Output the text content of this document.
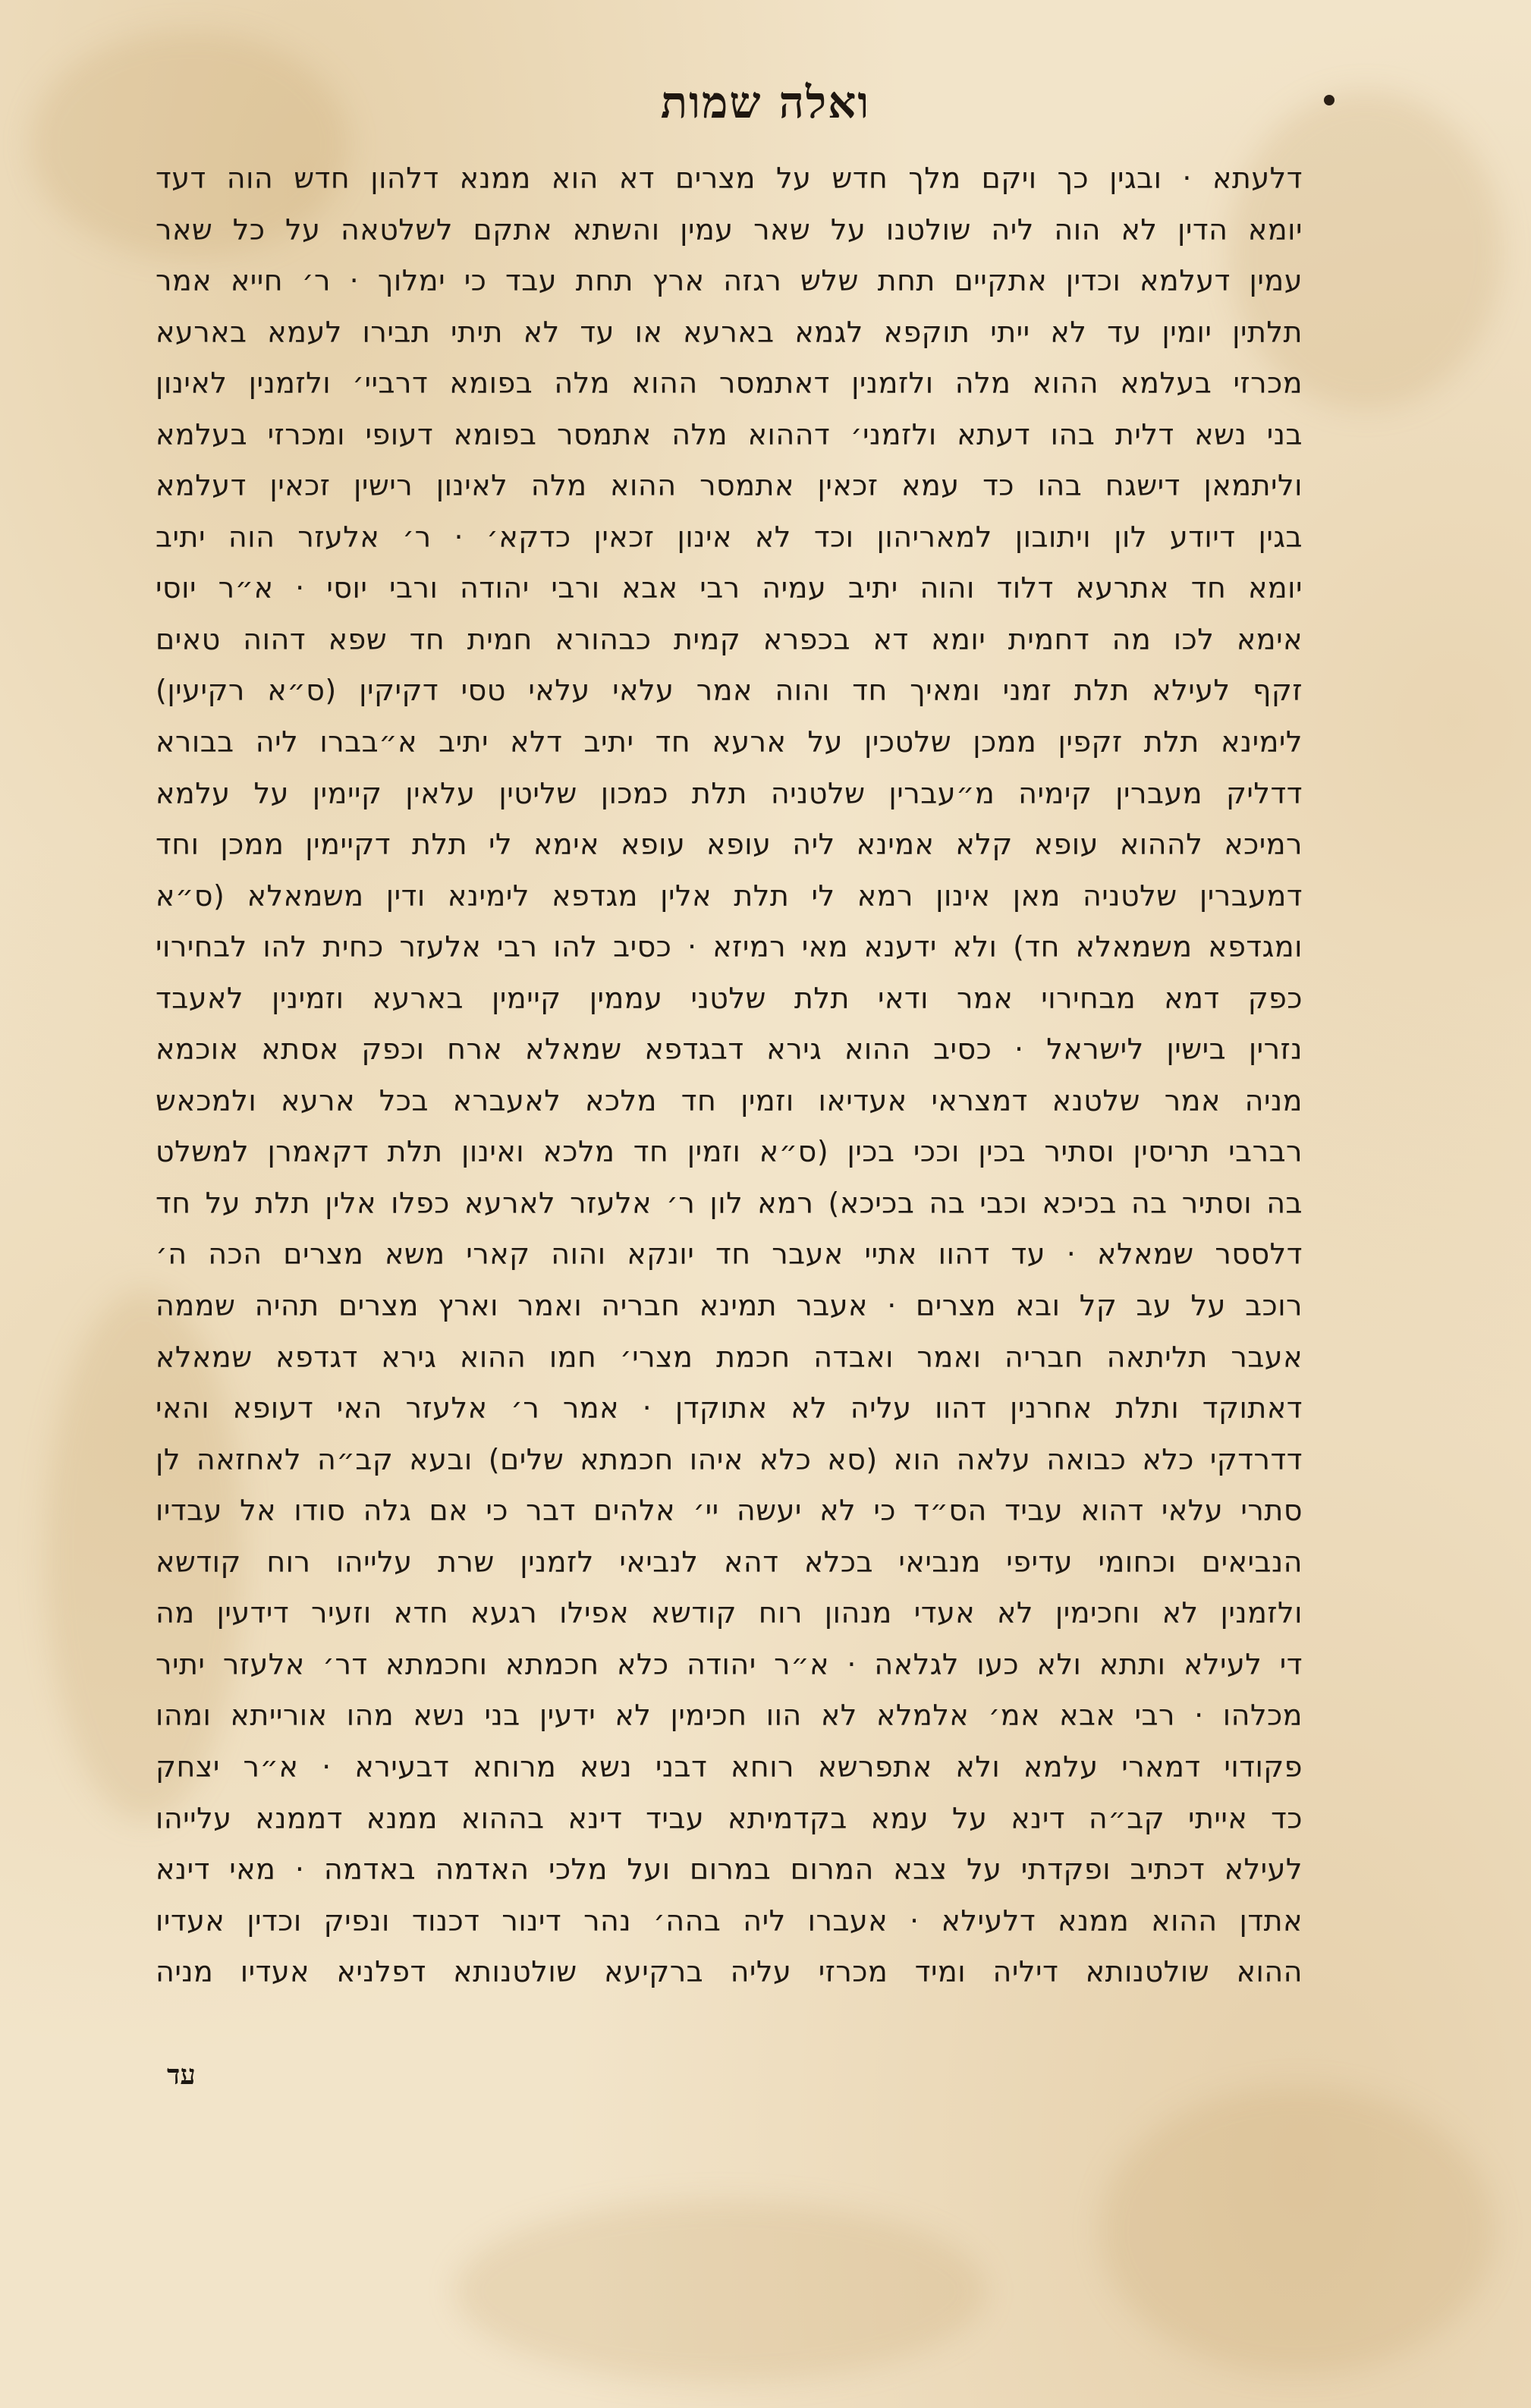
ואלה שמות
דלעתא · ובגין כך ויקם מלך חדש על מצרים דא הוא ממנא דלהון חדש הוה דעד
יומא הדין לא הוה ליה שולטנו על שאר עמין והשתא אתקם לשלטאה על כל שאר
עמין דעלמא וכדין אתקיים תחת שלש רגזה ארץ תחת עבד כי ימלוך · ר׳ חייא אמר
תלתין יומין עד לא ייתי תוקפא לגמא בארעא או עד לא תיתי תבירו לעמא בארעא
מכרזי בעלמא ההוא מלה ולזמנין דאתמסר ההוא מלה בפומא דרביי׳ ולזמנין לאינון
בני נשא דלית בהו דעתא ולזמני׳ דההוא מלה אתמסר בפומא דעופי ומכרזי בעלמא
וליתמאן דישגח בהו כד עמא זכאין אתמסר ההוא מלה לאינון רישין זכאין דעלמא
בגין דיודע לון ויתובון למאריהון וכד לא אינון זכאין כדקא׳ · ר׳ אלעזר הוה יתיב
יומא חד אתרעא דלוד והוה יתיב עמיה רבי אבא ורבי יהודה ורבי יוסי · א״ר יוסי
אימא לכו מה דחמית יומא דא בכפרא קמית כבהורא חמית חד שפא דהוה טאים
זקף לעילא תלת זמני ומאיך חד והוה אמר עלאי עלאי טסי דקיקין (ס״א רקיעין)
לימינא תלת זקפין ממכן שלטכין על ארעא חד יתיב דלא יתיב א״בברו ליה בבורא
דדליק מעברין קימיה מ״עברין שלטניה תלת כמכון שליטין עלאין קיימין על עלמא
רמיכא לההוא עופא קלא אמינא ליה עופא עופא אימא לי תלת דקיימין ממכן וחד
דמעברין שלטניה מאן אינון רמא לי תלת אלין מגדפא לימינא ודין משמאלא (ס״א
ומגדפא משמאלא חד) ולא ידענא מאי רמיזא · כסיב להו רבי אלעזר כחית להו לבחירוי
כפק דמא מבחירוי אמר ודאי תלת שלטני עממין קיימין בארעא וזמינין לאעבד
נזרין בישין לישראל · כסיב ההוא גירא דבגדפא שמאלא ארח וכפק אסתא אוכמא
מניה אמר שלטנא דמצראי אעדיאו וזמין חד מלכא לאעברא בכל ארעא ולמכאש
רברבי תריסין וסתיר בכין וככי בכין (ס״א וזמין חד מלכא ואינון תלת דקאמרן למשלט
בה וסתיר בה בכיכא וכבי בה בכיכא) רמא לון ר׳ אלעזר לארעא כפלו אלין תלת על חד
דלססר שמאלא · עד דהוו אתיי אעבר חד יונקא והוה קארי משא מצרים הכה ה׳
רוכב על עב קל ובא מצרים · אעבר תמינא חבריה ואמר וארץ מצרים תהיה שממה
אעבר תליתאה חבריה ואמר ואבדה חכמת מצרי׳ חמו ההוא גירא דגדפא שמאלא
דאתוקד ותלת אחרנין דהוו עליה לא אתוקדן · אמר ר׳ אלעזר האי דעופא והאי
דדרדקי כלא כבואה עלאה הוא (סא כלא איהו חכמתא שלים) ובעא קב״ה לאחזאה לן
סתרי עלאי דהוא עביד הס״ד כי לא יעשה יי׳ אלהים דבר כי אם גלה סודו אל עבדיו
הנביאים וכחומי עדיפי מנביאי בכלא דהא לנביאי לזמנין שרת עלייהו רוח קודשא
ולזמנין לא וחכימין לא אעדי מנהון רוח קודשא אפילו רגעא חדא וזעיר דידעין מה
די לעילא ותתא ולא כעו לגלאה · א״ר יהודה כלא חכמתא וחכמתא דר׳ אלעזר יתיר
מכלהו · רבי אבא אמ׳ אלמלא לא הוו חכימין לא ידעין בני נשא מהו אורייתא ומהו
פקודוי דמארי עלמא ולא אתפרשא רוחא דבני נשא מרוחא דבעירא · א״ר יצחק
כד אייתי קב״ה דינא על עמא בקדמיתא עביד דינא בההוא ממנא דממנא עלייהו
לעילא דכתיב ופקדתי על צבא המרום במרום ועל מלכי האדמה באדמה · מאי דינא
אתדן ההוא ממנא דלעילא · אעברו ליה בהה׳ נהר דינור דכנוד ונפיק וכדין אעדיו
ההוא שולטנותא דיליה ומיד מכרזי עליה ברקיעא שולטנותא דפלניא אעדיו מניה
עד
